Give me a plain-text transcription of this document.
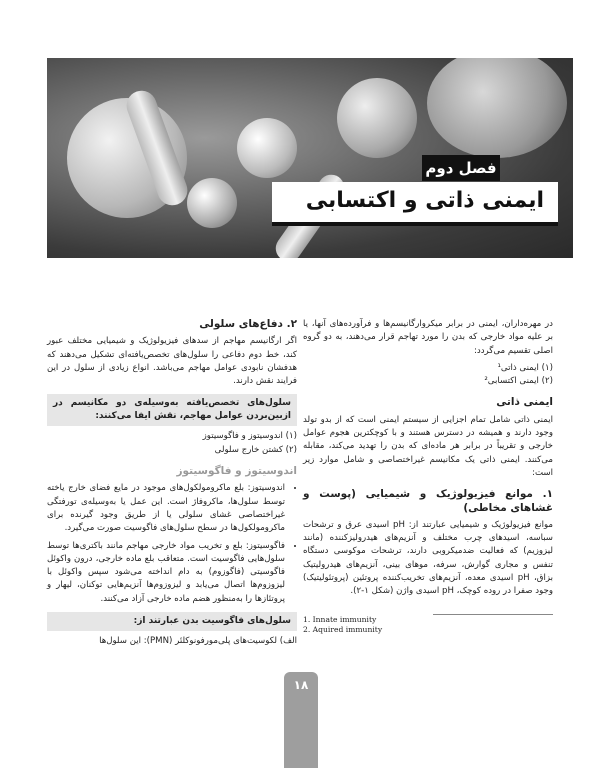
فصل دوم
ایمنی ذاتی و اکتسابی

در مهره‌داران، ایمنی در برابر میکروارگانیسم‌ها و فرآورده‌های آنها، یا بر علیه مواد خارجی که بدن را مورد تهاجم قرار می‌دهند، به دو گروه اصلی تقسیم می‌گردد:

(۱) ایمنی ذاتی¹

(۲) ایمنی اکتسابی²

ایمنی ذاتی

ایمنی ذاتی شامل تمام اجزایی از سیستم ایمنی است که از بدو تولد وجود دارند و همیشه در دسترس هستند و با کوچکترین هجوم عوامل خارجی و تقریباً در برابر هر ماده‌ای که بدن را تهدید می‌کند، مقابله می‌کنند. ایمنی ذاتی یک مکانیسم غیراختصاصی و شامل موارد زیر است:

۱. موانع فیزیولوژیک و شیمیایی (پوست و غشاهای مخاطی)

موانع فیزیولوژیک و شیمیایی عبارتند از: pH اسیدی عرق و ترشحات سباسه، اسیدهای چرب مختلف و آنزیم‌های هیدرولیزکننده (مانند لیزوزیم) که فعالیت ضدمیکروبی دارند، ترشحات موکوسی دستگاه تنفس و مجاری گوارش، سرفه، موهای بینی، آنزیم‌های هیدرولیتیک بزاق، pH اسیدی معده، آنزیم‌های تخریب‌کننده پروتئین (پروتئولیتیک) وجود صفرا در روده کوچک، pH اسیدی واژن (شکل ۱-۲).

1. Innate immunity
2. Aquired immunity
۲. دفاع‌های سلولی

اگر ارگانیسم مهاجم از سدهای فیزیولوژیک و شیمیایی مختلف عبور کند، خط دوم دفاعی را سلول‌های تخصص‌یافته‌ای تشکیل می‌دهند که هدفشان نابودی عوامل مهاجم می‌باشد. انواع زیادی از سلول در این فرایند نقش دارند.

سلول‌های تخصص‌یافته به‌وسیله‌ی دو مکانیسم در از‌بین‌بردن عوامل مهاجم، نقش ایفا می‌کنند:

(۱) اندوسیتوز و فاگوسیتوز

(۲) کشتن خارج سلولی

اندوسیتوز و فاگوسیتوز
• اندوسیتوز: بلع ماکرومولکول‌های موجود در مایع فضای خارج یاخته توسط سلول‌ها، ماکروفاژ است. این عمل یا به‌وسیله‌ی تورفتگی غیراختصاصی غشای سلولی یا از طریق وجود گیرنده برای ماکرومولکول‌ها در سطح سلول‌های فاگوسیت صورت می‌گیرد.
• فاگوسیتوز: بلع و تخریب مواد خارجی مهاجم مانند باکتری‌ها توسط سلول‌هایی فاگوسیت است. متعاقب بلع ماده خارجی، درون واکوئل فاگوسیتی (فاگوزوم) به دام انداخته می‌شود سپس واکوئل با لیزوزوم‌ها اتصال می‌یابد و لیزوزوم‌ها آنزیم‌هایی توکنان، لیهار و پروتئازها را به‌منظور هضم ماده خارجی آزاد می‌کنند.
سلول‌های فاگوسیت بدن عبارتند از:

الف) لکوسیت‌های پلی‌مورفونوکلئر (PMN): این سلول‌ها

۱۸
